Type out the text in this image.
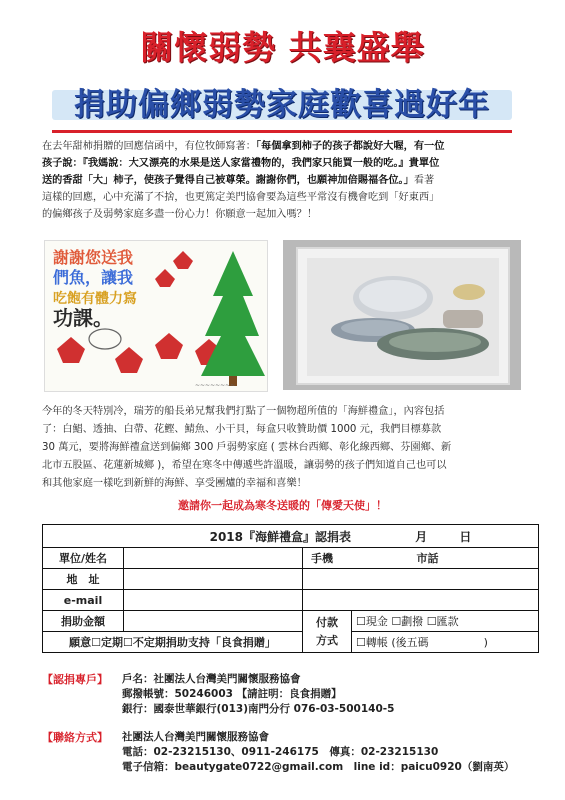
關懷弱勢 共襄盛舉
捐助偏鄉弱勢家庭歡喜過好年
在去年甜柿捐贈的回應信函中，有位牧師寫著：「每個拿到柿子的孩子都說好大喔，有一位
孩子說：『我媽說：大又漂亮的水果是送人家當禮物的，我們家只能買一般的吃。』貴單位
送的香甜「大」柿子，使孩子覺得自己被尊榮。謝謝你們，也願神加倍賜福各位。」看著
這樣的回應，心中充滿了不捨，也更篤定美門協會要為這些平常沒有機會吃到「好東西」
的偏鄉孩子及弱勢家庭多盡一份心力！你願意一起加入嗎？！
謝謝您送我
們魚，讓我
吃飽有體力寫
功課。
~~~~~~~~
今年的冬天特別冷，瑞芳的船長弟兄幫我們打點了一個物超所值的「海鮮禮盒」，內容包括
了：白鯧、透抽、白帶、花鰹、鯖魚、小干貝，每盒只收贊助價 1000 元，我們目標募款
30 萬元，要將海鮮禮盒送到偏鄉 300 戶弱勢家庭 ( 雲林台西鄉、彰化線西鄉、芬園鄉、新
北市五股區、花蓮新城鄉 )，希望在寒冬中傳遞些許溫暖，讓弱勢的孩子們知道自己也可以
和其他家庭一樣吃到新鮮的海鮮、享受團爐的幸福和喜樂！
邀請你一起成為寒冬送暖的「傳愛天使」！
2018『海鮮禮盒』認捐表 月 日			
單位/姓名		手機 市話	
地　址			
e-mail			
捐助金額		付款
方式	☐現金 ☐劃撥 ☐匯款
願意☐定期☐不定期捐助支持「良食捐贈」			☐轉帳 (後五碼　　　　　)
【認捐專戶】 戶名：社團法人台灣美門關懷服務協會
郵撥帳號：50246003 【請註明：良食捐贈】
銀行：國泰世華銀行(013)南門分行 076-03-500140-5
【聯絡方式】 社團法人台灣美門關懷服務協會
電話：02-23215130、0911-246175　傳真：02-23215130
電子信箱：beautygate0722@gmail.com　line id：paicu0920（劉南英）
